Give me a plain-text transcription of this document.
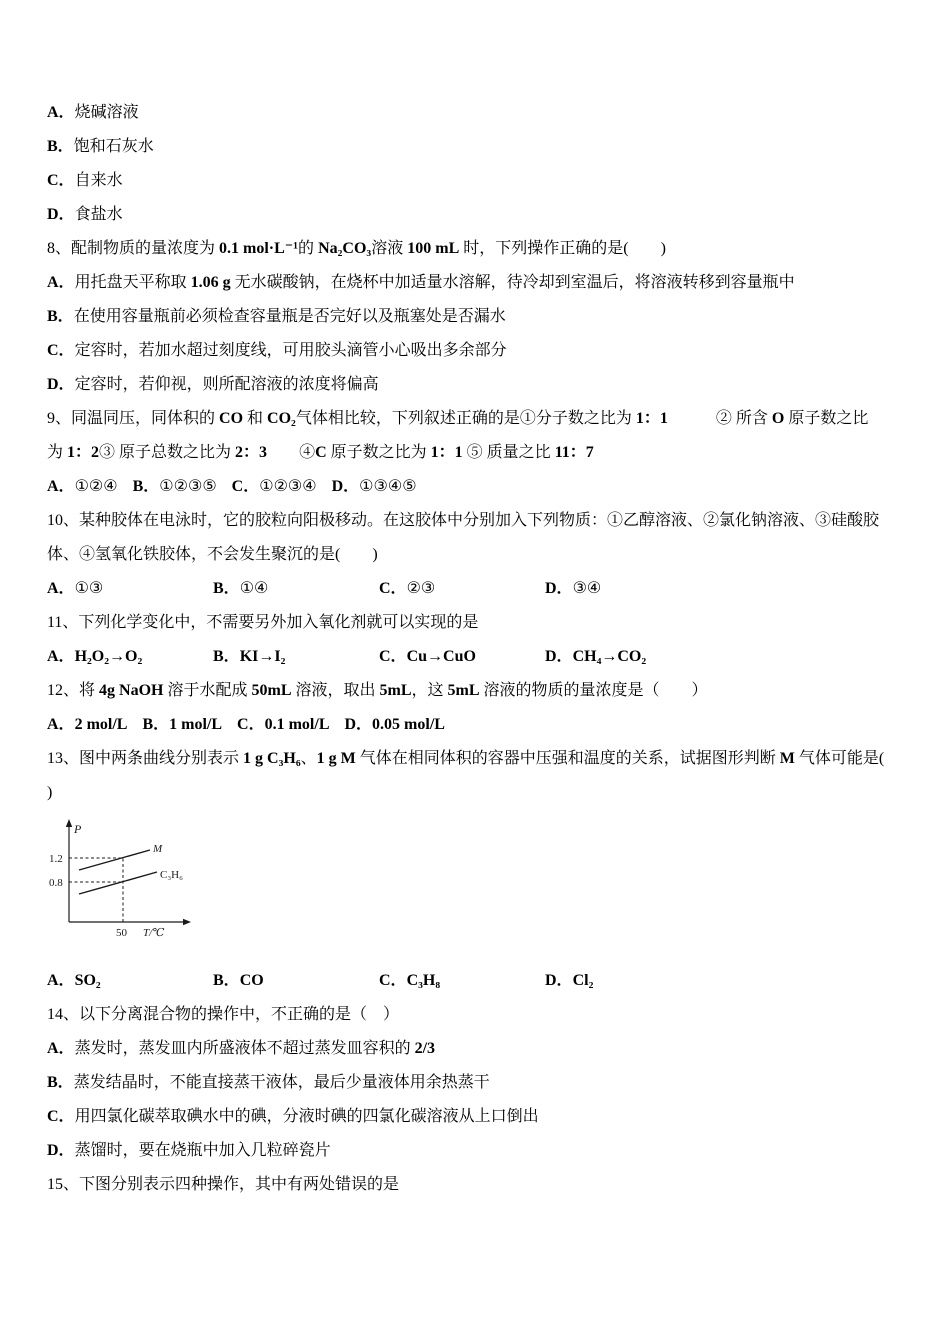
A．烧碱溶液
B．饱和石灰水
C．自来水
D．食盐水
8、配制物质的量浓度为 0.1 mol·L⁻¹的 Na₂CO₃溶液 100 mL 时，下列操作正确的是(　　)
A．用托盘天平称取 1.06 g 无水碳酸钠，在烧杯中加适量水溶解，待冷却到室温后，将溶液转移到容量瓶中
B．在使用容量瓶前必须检查容量瓶是否完好以及瓶塞处是否漏水
C．定容时，若加水超过刻度线，可用胶头滴管小心吸出多余部分
D．定容时，若仰视，则所配溶液的浓度将偏高
9、同温同压，同体积的 CO 和 CO₂气体相比较，下列叙述正确的是①分子数之比为 1：1　　　② 所含 O 原子数之比
为 1：2③ 原子总数之比为 2：3　　④C 原子数之比为 1：1 ⑤ 质量之比 11：7
A．①②④ B．①②③⑤ C．①②③④ D．①③④⑤
10、某种胶体在电泳时，它的胶粒向阳极移动。在这胶体中分别加入下列物质：①乙醇溶液、②氯化钠溶液、③硅酸胶
体、④氢氧化铁胶体，不会发生聚沉的是(　　)
A．①③	B．①④	C．②③	D．③④
11、下列化学变化中，不需要另外加入氧化剂就可以实现的是
A．H₂O₂→O₂	B．KI→I₂	C．Cu→CuO	D．CH₄→CO₂
12、将 4g NaOH 溶于水配成 50mL 溶液，取出 5mL，这 5mL 溶液的物质的量浓度是（　　）
A．2 mol/L B．1 mol/L C．0.1 mol/L D．0.05 mol/L
13、图中两条曲线分别表示 1 g C₃H₆、1 g M 气体在相同体积的容器中压强和温度的关系，试据图形判断 M 气体可能是(
)
P
1.2
0.8
50 T/℃
M
C₃H₆
A．SO₂	B．CO	C．C₃H₈	D．Cl₂
14、以下分离混合物的操作中，不正确的是（　）
A．蒸发时，蒸发皿内所盛液体不超过蒸发皿容积的 2/3
B．蒸发结晶时，不能直接蒸干液体，最后少量液体用余热蒸干
C．用四氯化碳萃取碘水中的碘，分液时碘的四氯化碳溶液从上口倒出
D．蒸馏时，要在烧瓶中加入几粒碎瓷片
15、下图分别表示四种操作，其中有两处错误的是
